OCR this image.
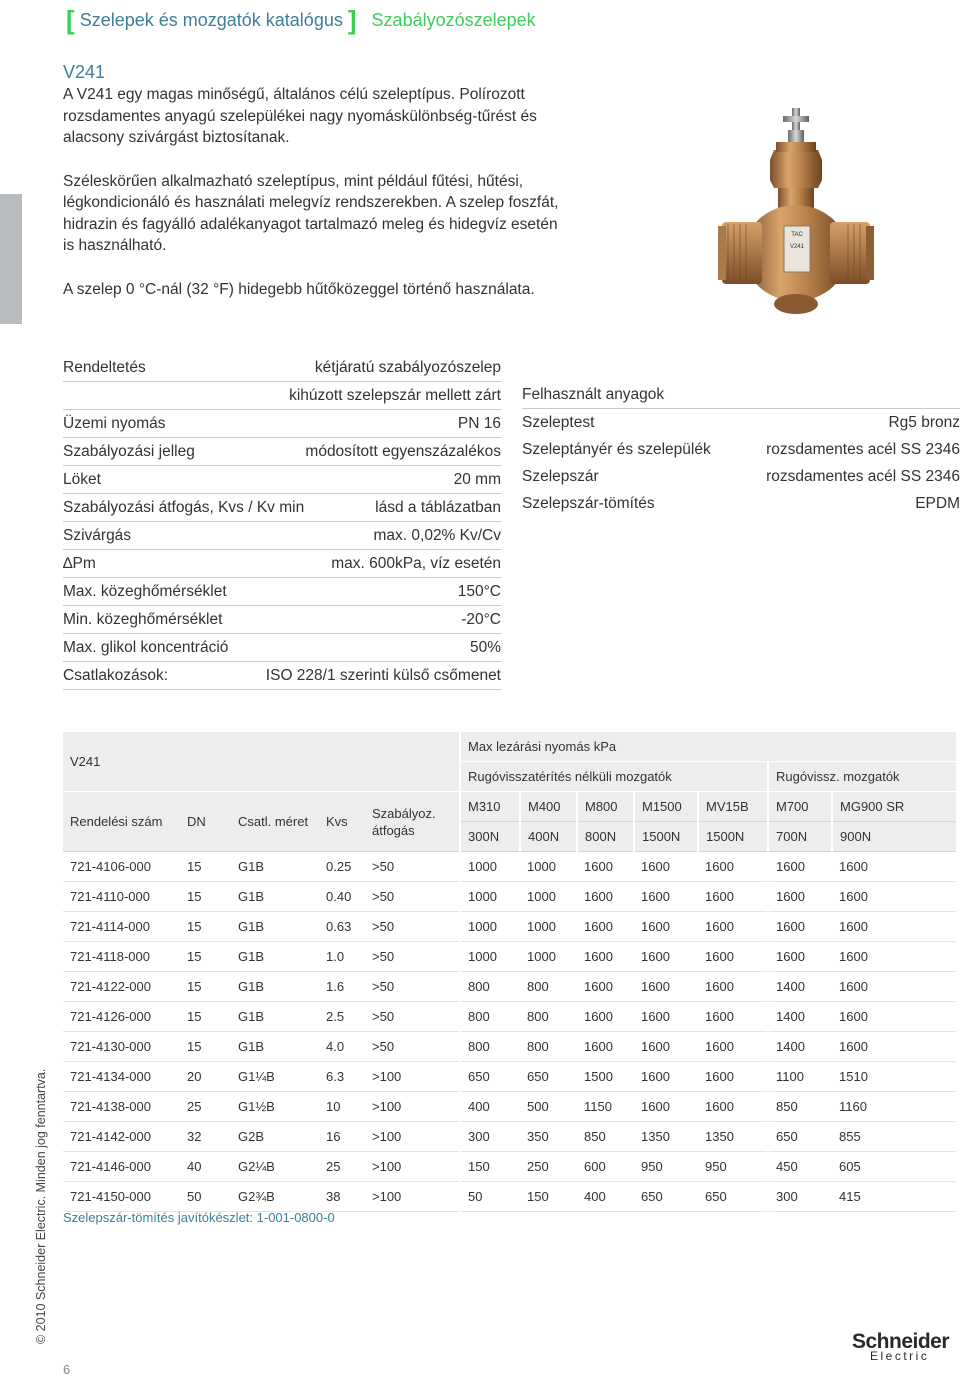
[ Szelepek és mozgatók katalógus ] Szabályozószelepek
V241

A V241 egy magas minőségű, általános célú szeleptípus. Polírozott rozsdamentes anyagú szelepülékei nagy nyomáskülönbség-tűrést és alacsony szivárgást biztosítanak.

Széleskörűen alkalmazható szeleptípus, mint például fűtési, hűtési, légkondicionáló és használati melegvíz rendszerekben. A szelep foszfát, hidrazin és fagyálló adalékanyagot tartalmazó meleg és hidegvíz esetén is használható.

A szelep 0 °C-nál (32 °F) hidegebb hűtőközeggel történő használata.

TAC
V241
Rendeltetés	kétjáratú szabályozószelep
kihúzott szelepszár mellett zárt
Üzemi nyomás	PN 16
Szabályozási jelleg	módosított egyenszázalékos
Löket	20 mm
Szabályozási átfogás, Kvs / Kv min	lásd a táblázatban
Szivárgás	max. 0,02% Kv/Cv
∆Pm	max. 600kPa, víz esetén
Max. közeghőmérséklet	150°C
Min. közeghőmérséklet	-20°C
Max. glikol koncentráció	50%
Csatlakozások:	ISO 228/1 szerinti külső csőmenet
Felhasznált anyagok
Szeleptest	Rg5 bronz
Szeleptányér és szelepülék	rozsdamentes acél SS 2346
Szelepszár	rozsdamentes acél SS 2346
Szelepszár-tömítés	EPDM
V241					Max lezárási nyomás kPa						
					Rugóvisszatérítés nélküli mozgatók					Rugóvissz. mozgatók	
Rendelési szám	DN	Csatl. méret	Kvs	Szabályoz. átfogás	M310	M400	M800	M1500	MV15B	M700	MG900 SR
					300N	400N	800N	1500N	1500N	700N	900N
721-4106-000	15	G1B	0.25	>50	1000	1000	1600	1600	1600	1600	1600
721-4110-000	15	G1B	0.40	>50	1000	1000	1600	1600	1600	1600	1600
721-4114-000	15	G1B	0.63	>50	1000	1000	1600	1600	1600	1600	1600
721-4118-000	15	G1B	1.0	>50	1000	1000	1600	1600	1600	1600	1600
721-4122-000	15	G1B	1.6	>50	800	800	1600	1600	1600	1400	1600
721-4126-000	15	G1B	2.5	>50	800	800	1600	1600	1600	1400	1600
721-4130-000	15	G1B	4.0	>50	800	800	1600	1600	1600	1400	1600
721-4134-000	20	G1¼B	6.3	>100	650	650	1500	1600	1600	1100	1510
721-4138-000	25	G1½B	10	>100	400	500	1150	1600	1600	850	1160
721-4142-000	32	G2B	16	>100	300	350	850	1350	1350	650	855
721-4146-000	40	G2¼B	25	>100	150	250	600	950	950	450	605
721-4150-000	50	G2¾B	38	>100	50	150	400	650	650	300	415
Szelepszár-tömítés javítókészlet: 1-001-0800-0
© 2010 Schneider Electric. Minden jog fenntartva.
6
Schneider
Electric
